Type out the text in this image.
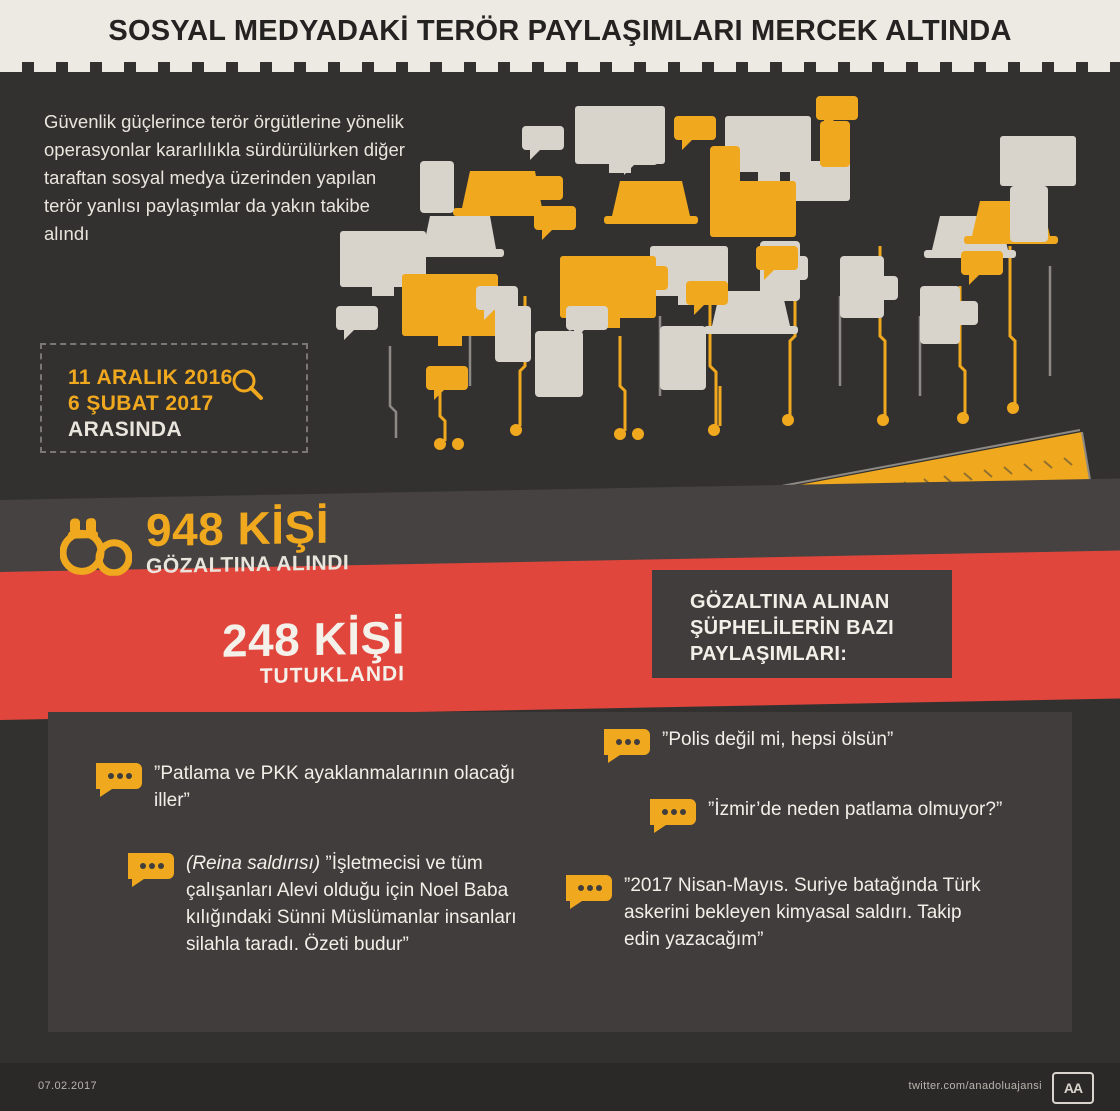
SOSYAL MEDYADAKİ TERÖR PAYLAŞIMLARI MERCEK ALTINDA
Güvenlik güçlerince terör örgütlerine yönelik operasyonlar kararlılıkla sürdürülürken diğer taraftan sosyal medya üzerinden yapılan terör yanlısı paylaşımlar da yakın takibe alındı
11 ARALIK 2016
6 ŞUBAT 2017
ARASINDA
948 KİŞİ
GÖZALTINA ALINDI
248 KİŞİ
TUTUKLANDI
GÖZALTINA ALINAN ŞÜPHELİLERİN BAZI PAYLAŞIMLARI:
”Patlama ve PKK ayaklanmalarının olacağı iller”
(Reina saldırısı) ”İşletmecisi ve tüm çalışanları Alevi olduğu için Noel Baba kılığındaki Sünni Müslümanlar insanları silahla taradı. Özeti budur”
”Polis değil mi, hepsi ölsün”
”İzmir’de neden patlama olmuyor?”
”2017 Nisan-Mayıs. Suriye batağında Türk askerini bekleyen kimyasal saldırı. Takip edin yazacağım”
07.02.2017	twitter.com/anadoluajansi	AA
